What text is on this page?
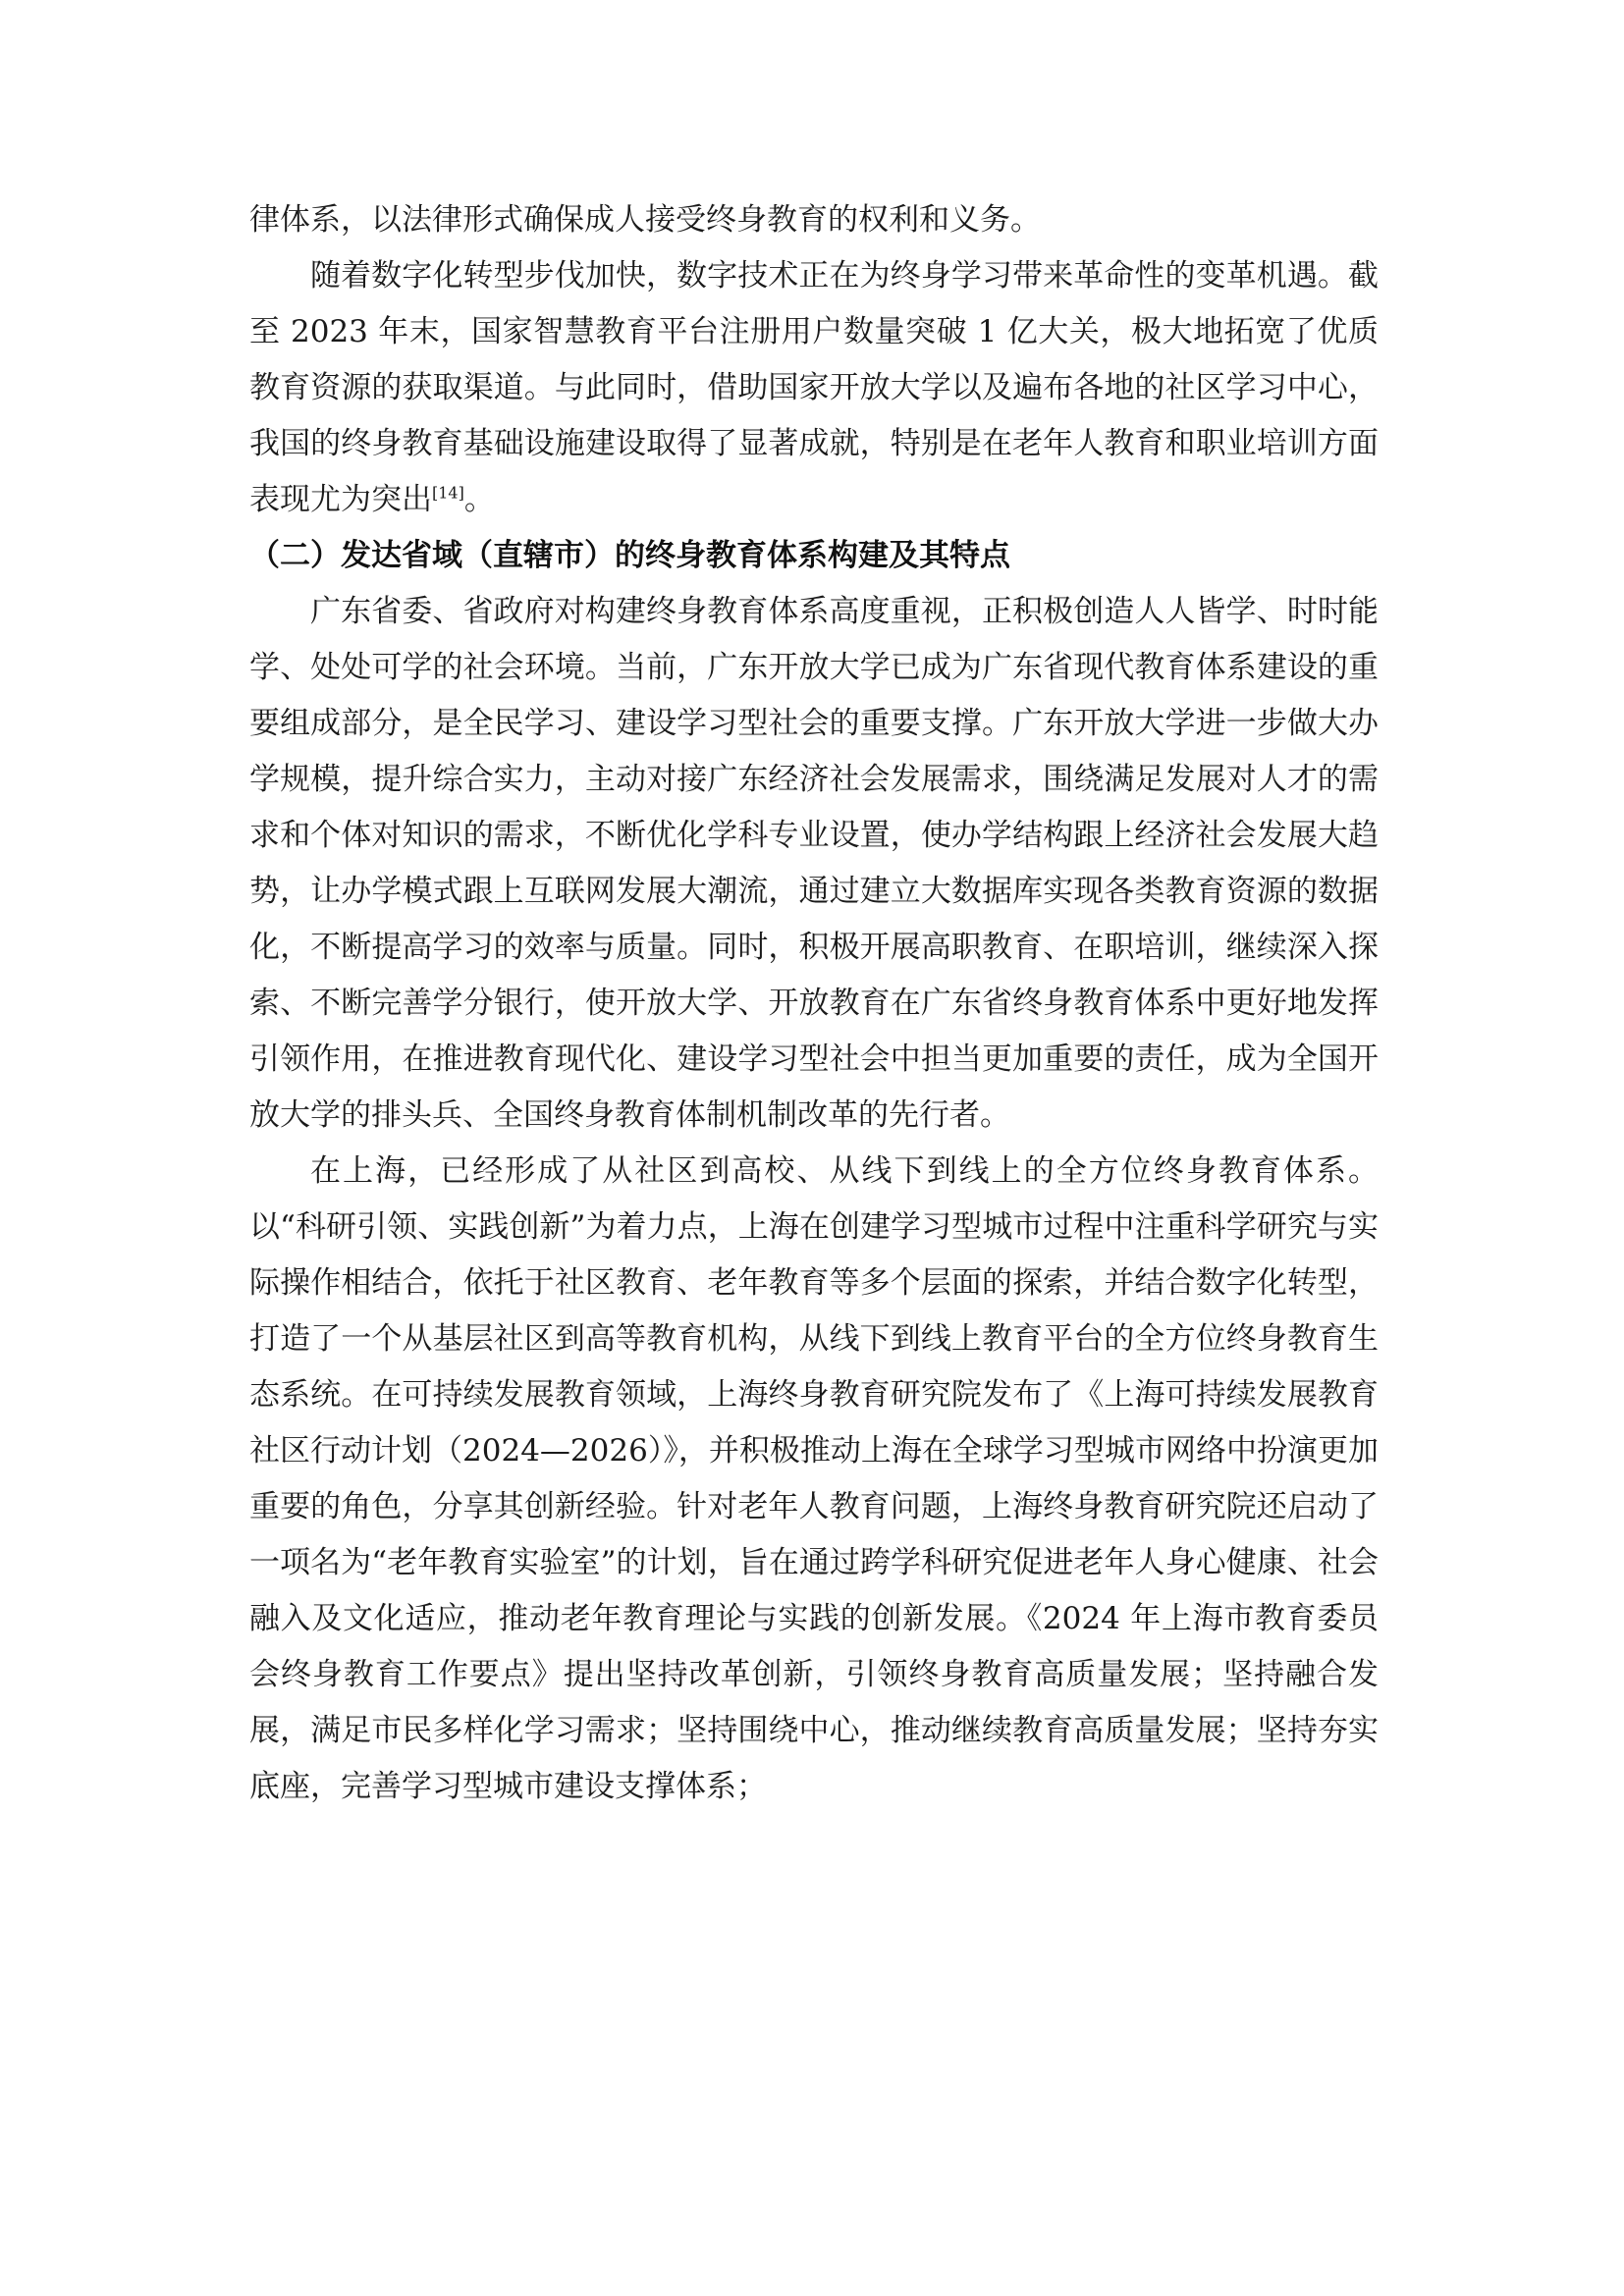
律体系，以法律形式确保成人接受终身教育的权利和义务。

随着数字化转型步伐加快，数字技术正在为终身学习带来革命性的变革机遇。截至 2023 年末，国家智慧教育平台注册用户数量突破 1 亿大关，极大地拓宽了优质教育资源的获取渠道。与此同时，借助国家开放大学以及遍布各地的社区学习中心，我国的终身教育基础设施建设取得了显著成就，特别是在老年人教育和职业培训方面表现尤为突出[14]。

（二）发达省域（直辖市）的终身教育体系构建及其特点

广东省委、省政府对构建终身教育体系高度重视，正积极创造人人皆学、时时能学、处处可学的社会环境。当前，广东开放大学已成为广东省现代教育体系建设的重要组成部分，是全民学习、建设学习型社会的重要支撑。广东开放大学进一步做大办学规模，提升综合实力，主动对接广东经济社会发展需求，围绕满足发展对人才的需求和个体对知识的需求，不断优化学科专业设置，使办学结构跟上经济社会发展大趋势，让办学模式跟上互联网发展大潮流，通过建立大数据库实现各类教育资源的数据化，不断提高学习的效率与质量。同时，积极开展高职教育、在职培训，继续深入探索、不断完善学分银行，使开放大学、开放教育在广东省终身教育体系中更好地发挥引领作用，在推进教育现代化、建设学习型社会中担当更加重要的责任，成为全国开放大学的排头兵、全国终身教育体制机制改革的先行者。

在上海，已经形成了从社区到高校、从线下到线上的全方位终身教育体系。以“科研引领、实践创新”为着力点，上海在创建学习型城市过程中注重科学研究与实际操作相结合，依托于社区教育、老年教育等多个层面的探索，并结合数字化转型，打造了一个从基层社区到高等教育机构，从线下到线上教育平台的全方位终身教育生态系统。在可持续发展教育领域，上海终身教育研究院发布了《上海可持续发展教育社区行动计划（2024—2026）》，并积极推动上海在全球学习型城市网络中扮演更加重要的角色，分享其创新经验。针对老年人教育问题，上海终身教育研究院还启动了一项名为“老年教育实验室”的计划，旨在通过跨学科研究促进老年人身心健康、社会融入及文化适应，推动老年教育理论与实践的创新发展。《2024 年上海市教育委员会终身教育工作要点》提出坚持改革创新，引领终身教育高质量发展；坚持融合发展，满足市民多样化学习需求；坚持围绕中心，推动继续教育高质量发展；坚持夯实底座，完善学习型城市建设支撑体系；
